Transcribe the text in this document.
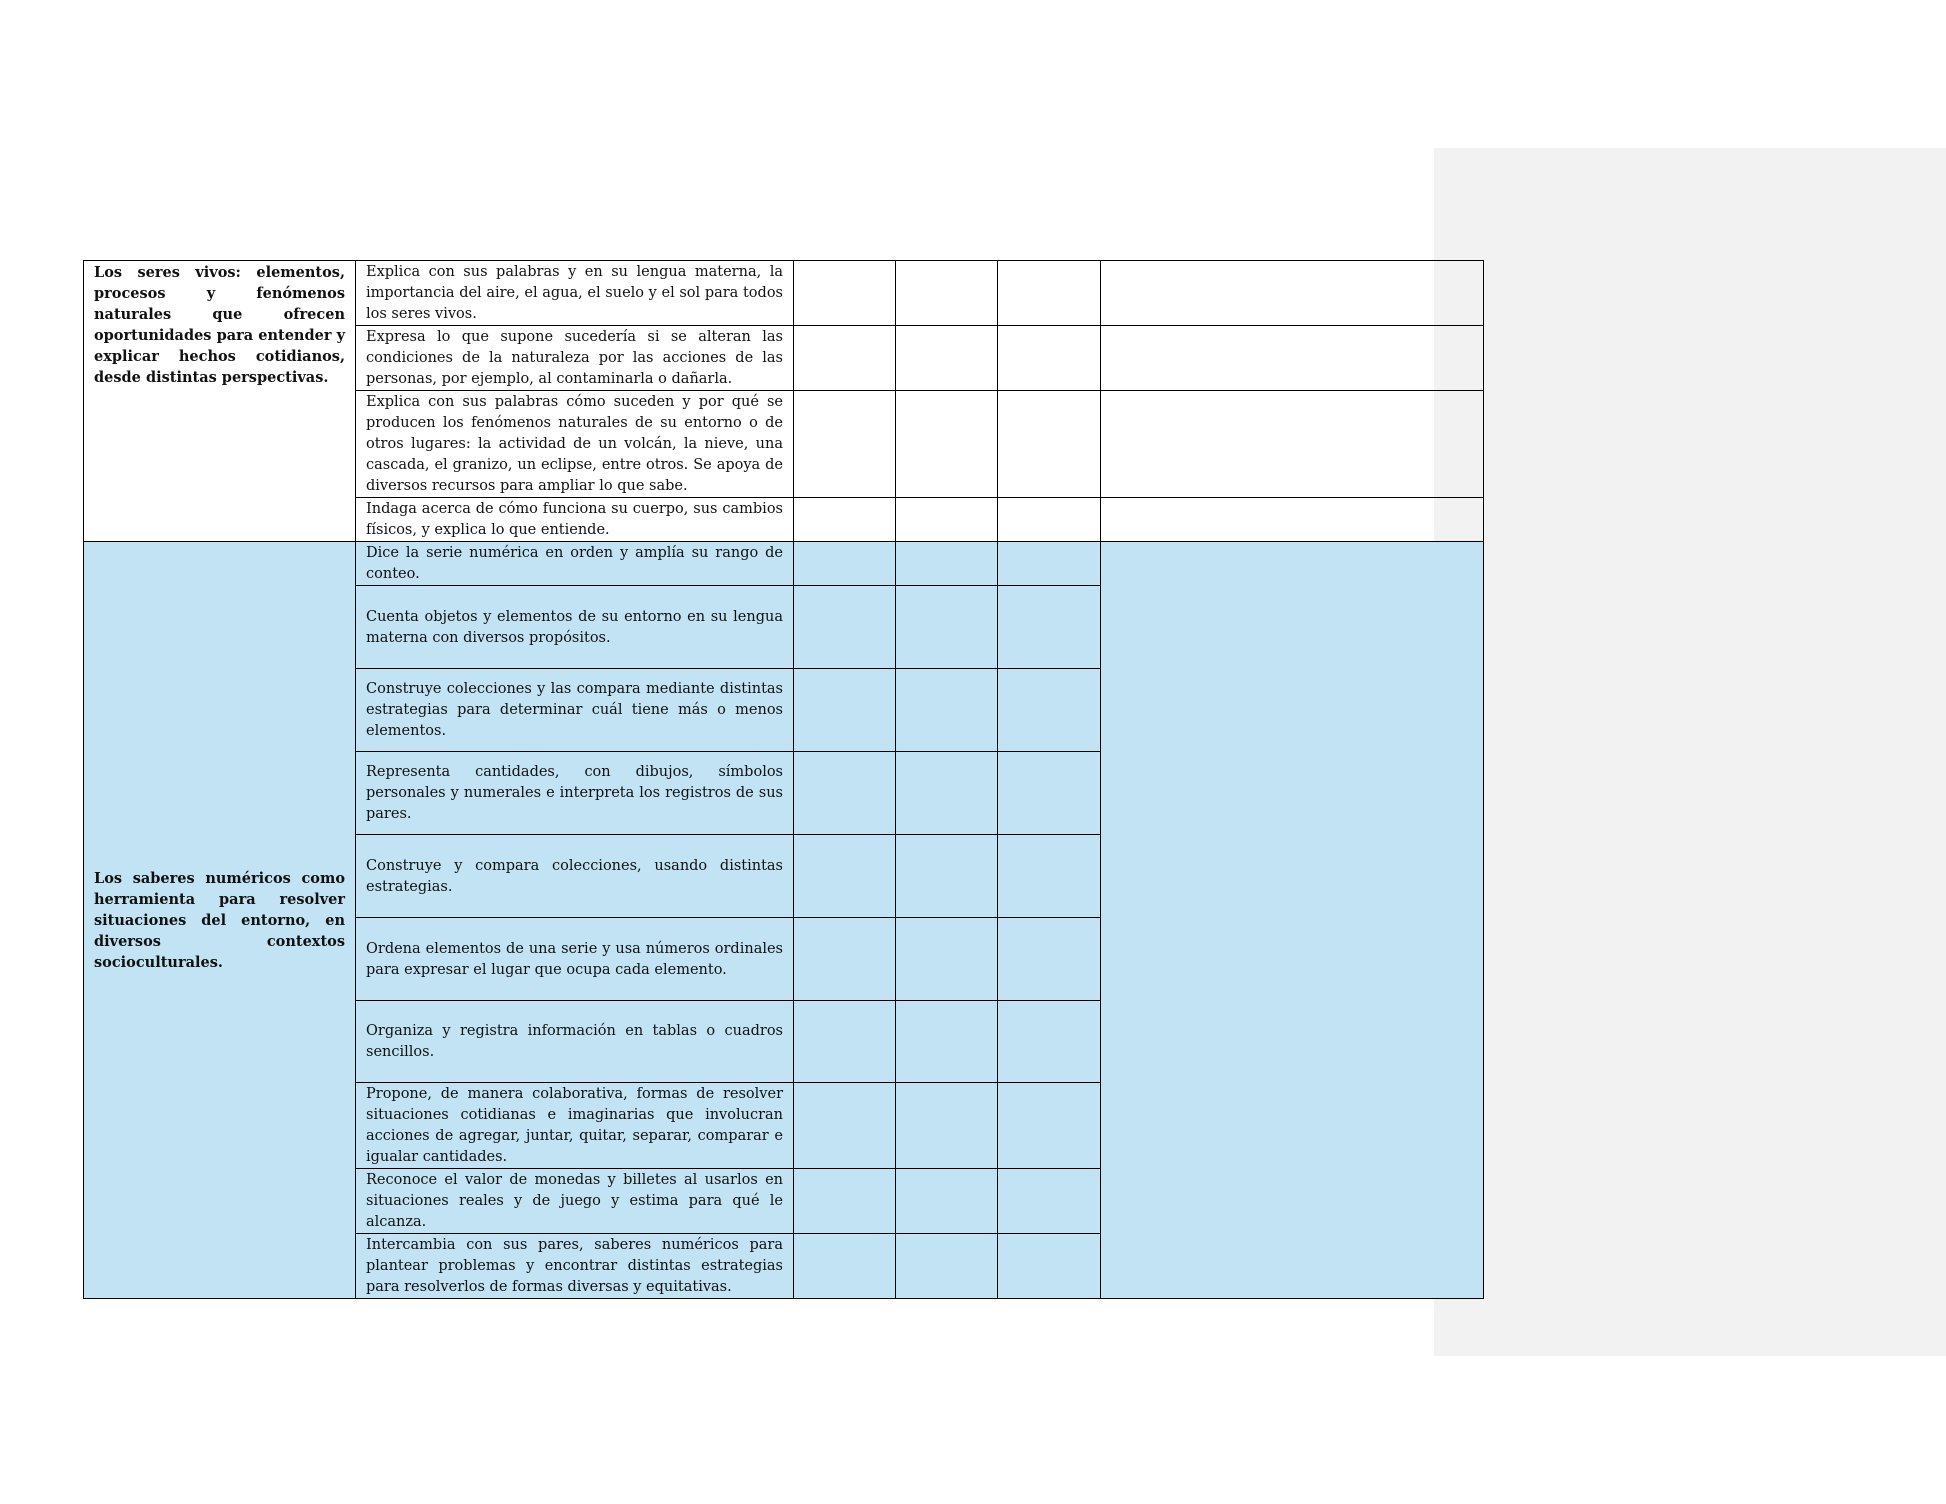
Los seres vivos: elementos, procesos y fenómenos naturales que ofrecen oportunidades para entender y explicar hechos cotidianos, desde distintas perspectivas.	Explica con sus palabras y en su lengua materna, la importancia del aire, el agua, el suelo y el sol para todos los seres vivos.				
	Expresa lo que supone sucedería si se alteran las condiciones de la naturaleza por las acciones de las personas, por ejemplo, al contaminarla o dañarla.				
	Explica con sus palabras cómo suceden y por qué se producen los fenómenos naturales de su entorno o de otros lugares: la actividad de un volcán, la nieve, una cascada, el granizo, un eclipse, entre otros. Se apoya de diversos recursos para ampliar lo que sabe.				
	Indaga acerca de cómo funciona su cuerpo, sus cambios físicos, y explica lo que entiende.				
Los saberes numéricos como herramienta para resolver situaciones del entorno, en diversos contextos socioculturales.	Dice la serie numérica en orden y amplía su rango de conteo.				
	Cuenta objetos y elementos de su entorno en su lengua materna con diversos propósitos.				
	Construye colecciones y las compara mediante distintas estrategias para determinar cuál tiene más o menos elementos.				
	Representa cantidades, con dibujos, símbolos personales y numerales e interpreta los registros de sus pares.				
	Construye y compara colecciones, usando distintas estrategias.				
	Ordena elementos de una serie y usa números ordinales para expresar el lugar que ocupa cada elemento.				
	Organiza y registra información en tablas o cuadros sencillos.				
	Propone, de manera colaborativa, formas de resolver situaciones cotidianas e imaginarias que involucran acciones de agregar, juntar, quitar, separar, comparar e igualar cantidades.				
	Reconoce el valor de monedas y billetes al usarlos en situaciones reales y de juego y estima para qué le alcanza.				
	Intercambia con sus pares, saberes numéricos para plantear problemas y encontrar distintas estrategias para resolverlos de formas diversas y equitativas.				
